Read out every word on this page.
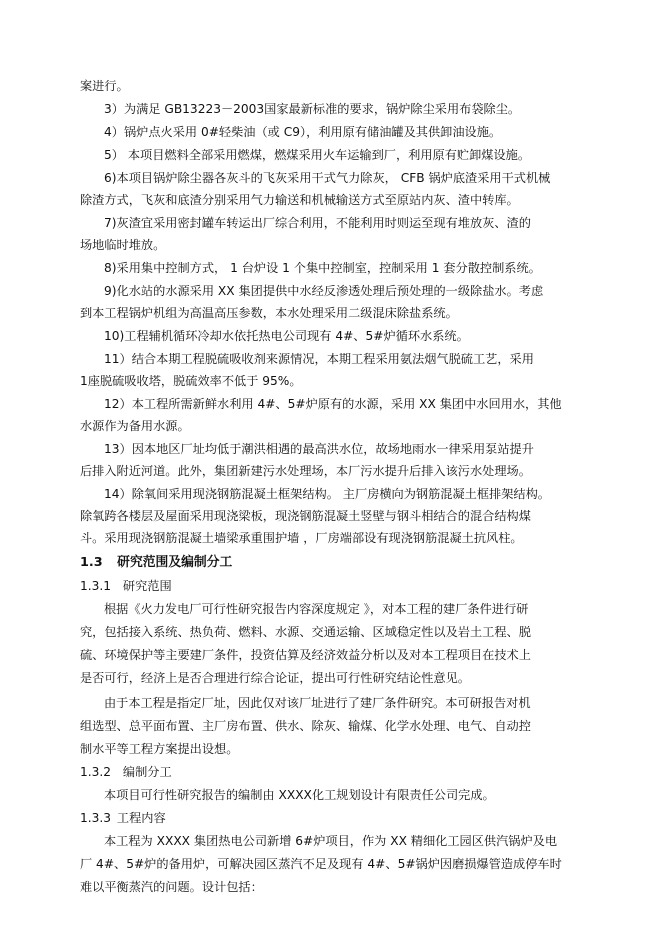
案进行。
3）为满足 GB13223－2003国家最新标准的要求，锅炉除尘采用布袋除尘。
4）锅炉点火采用 0#轻柴油（或 C9），利用原有储油罐及其供卸油设施。
5） 本项目燃料全部采用燃煤，燃煤采用火车运输到厂，利用原有贮卸煤设施。
6)本项目锅炉除尘器各灰斗的飞灰采用干式气力除灰， CFB 锅炉底渣采用干式机械
除渣方式，飞灰和底渣分别采用气力输送和机械输送方式至原站内灰、渣中转库。
7)灰渣宜采用密封罐车转运出厂综合利用，不能利用时则运至现有堆放灰、渣的
场地临时堆放。
8)采用集中控制方式， 1 台炉设 1 个集中控制室，控制采用 1 套分散控制系统。
9)化水站的水源采用 XX 集团提供中水经反渗透处理后预处理的一级除盐水。考虑
到本工程锅炉机组为高温高压参数，本水处理采用二级混床除盐系统。
10)工程辅机循环冷却水依托热电公司现有 4#、5#炉循环水系统。
11）结合本期工程脱硫吸收剂来源情况，本期工程采用氨法烟气脱硫工艺，采用
1座脱硫吸收塔，脱硫效率不低于 95%。
12）本工程所需新鲜水利用 4#、5#炉原有的水源，采用 XX 集团中水回用水，其他
水源作为备用水源。
13）因本地区厂址均低于潮洪相遇的最高洪水位，故场地雨水一律采用泵站提升
后排入附近河道。此外，集团新建污水处理场，本厂污水提升后排入该污水处理场。
14）除氧间采用现浇钢筋混凝土框架结构。 主厂房横向为钢筋混凝土框排架结构。
除氧跨各楼层及屋面采用现浇梁板，现浇钢筋混凝土竖壁与钢斗相结合的混合结构煤
斗。采用现浇钢筋混凝土墙梁承重围护墙 ，厂房端部设有现浇钢筋混凝土抗风柱。
1.3 研究范围及编制分工
1.3.1 研究范围
根据《火力发电厂可行性研究报告内容深度规定 》，对本工程的建厂条件进行研
究，包括接入系统、热负荷、燃料、水源、交通运输、区域稳定性以及岩土工程、脱
硫、环境保护等主要建厂条件，投资估算及经济效益分析以及对本工程项目在技术上
是否可行，经济上是否合理进行综合论证，提出可行性研究结论性意见。
由于本工程是指定厂址，因此仅对该厂址进行了建厂条件研究。本可研报告对机
组选型、总平面布置、主厂房布置、供水、除灰、输煤、化学水处理、电气、自动控
制水平等工程方案提出设想。
1.3.2 编制分工
本项目可行性研究报告的编制由 XXXX化工规划设计有限责任公司完成。
1.3.3 工程内容
本工程为 XXXX 集团热电公司新增 6#炉项目，作为 XX 精细化工园区供汽锅炉及电
厂 4#、5#炉的备用炉，可解决园区蒸汽不足及现有 4#、5#锅炉因磨损爆管造成停车时
难以平衡蒸汽的问题。设计包括：
